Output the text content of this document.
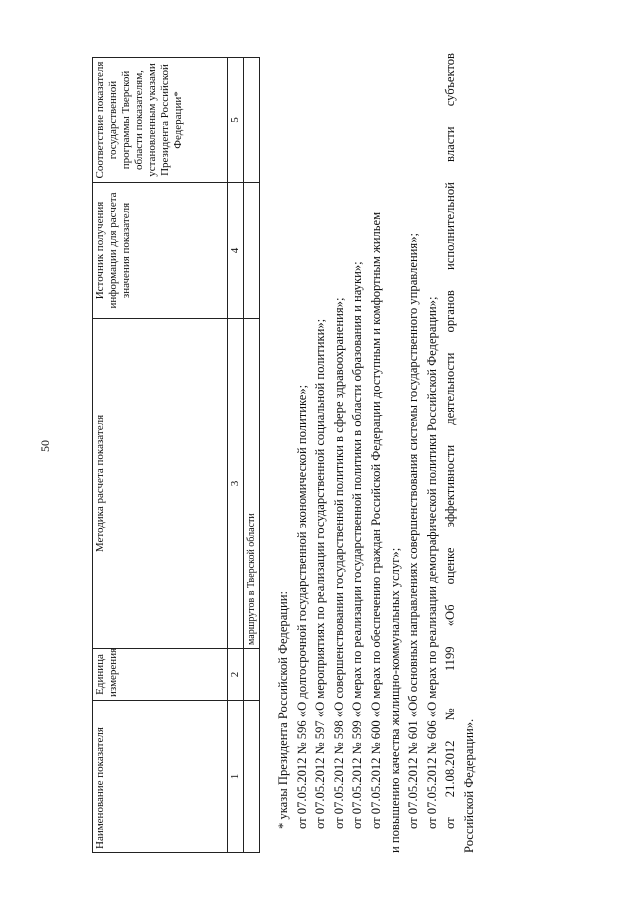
50
Наименование показателя	Единица измерения	Методика расчета показателя	Источник получения информации для расчета значения показателя	Соответствие показателя государственной программы Тверской области показателям, установленным указами Президента Российской Федерации*
1	2	3	4	5
		маршрутов в Тверской области		

* указы Президента Российской Федерации: от 07.05.2012 № 596 «О долгосрочной государственной экономической политике»; от 07.05.2012 № 597 «О мероприятиях по реализации государственной социальной политики»; от 07.05.2012 № 598 «О совершенствовании государственной политики в сфере здравоохранения»; от 07.05.2012 № 599 «О мерах по реализации государственной политики в области образования и науки»; от 07.05.2012 № 600 «О мерах по обеспечению граждан Российской Федерации доступным и комфортным жильем и повышению качества жилищно-коммунальных услуг»; от 07.05.2012 № 601 «Об основных направлениях совершенствования системы государственного управления»; от 07.05.2012 № 606 «О мерах по реализации демографической политики Российской Федерации»; от 21.08.2012 № 1199 «Об оценке эффективности деятельности органов исполнительной власти субъектов Российской Федерации».
